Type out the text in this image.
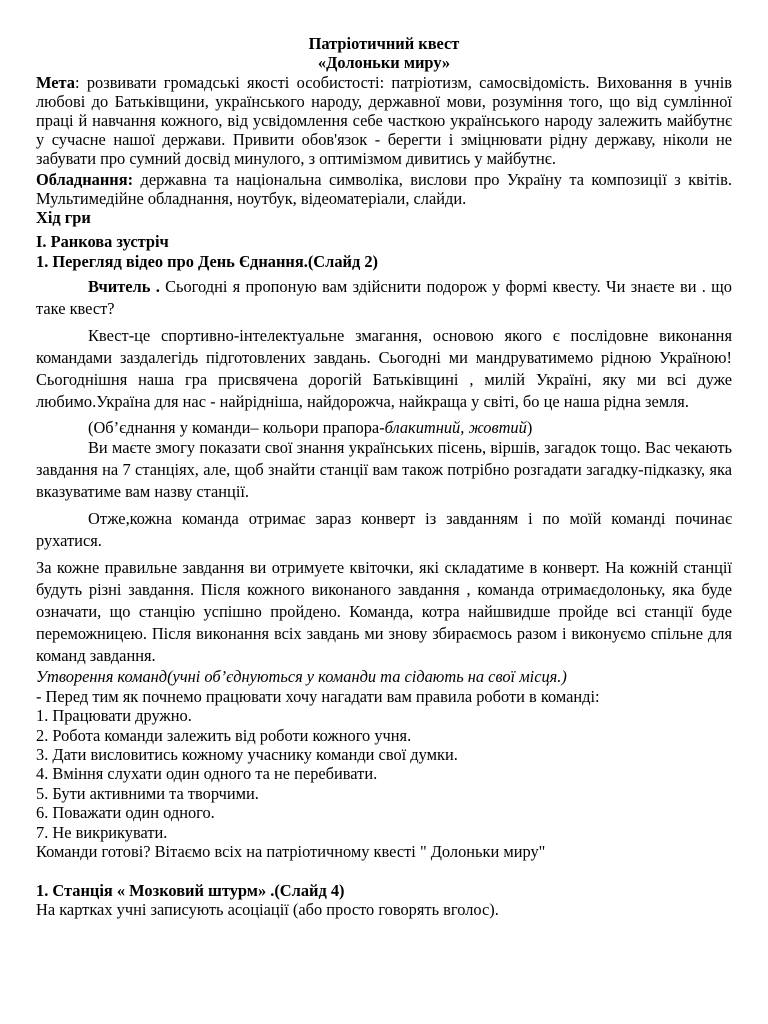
Патріотичний квест

«Долоньки миру»

Мета: розвивати громадські якості особистості: патріотизм, самосвідомість. Виховання в учнів любові до Батьківщини, українського народу, державної мови, розуміння того, що від сумлінної праці й навчання кожного, від усвідомлення себе часткою українського народу залежить майбутнє у сучасне нашої держави. Привити обов'язок - берегти і зміцнювати рідну державу, ніколи не забувати про сумний досвід минулого, з оптимізмом дивитись у майбутнє.

Обладнання: державна та національна символіка, вислови про Україну та композиції з квітів. Мультимедійне обладнання, ноутбук, відеоматеріали, слайди.

Хід гри

І. Ранкова зустріч

1. Перегляд відео про День Єднання.(Слайд 2)

Вчитель . Сьогодні я пропоную вам здійснити подорож у формі квесту. Чи знаєте ви . що таке квест?

Квест-це спортивно-інтелектуальне змагання, основою якого є послідовне виконання командами заздалегідь підготовлених завдань. Сьогодні ми мандруватимемо рідною Україною! Сьогоднішня наша гра присвячена дорогій Батьківщині , милій Україні, яку ми всі дуже любимо.Україна для нас - найрідніша, найдорожча, найкраща у світі, бо це наша рідна земля.

(Об’єднання у команди– кольори прапора-блакитний, жовтий)

Ви маєте змогу показати свої знання українських пісень, віршів, загадок тощо. Вас чекають завдання на 7 станціях, але, щоб знайти станції вам також потрібно розгадати загадку-підказку, яка вказуватиме вам назву станції.

Отже,кожна команда отримає зараз конверт із завданням і по моїй команді починає рухатися.

За кожне правильне завдання ви отримуете квіточки, які складатиме в конверт. На кожній станції будуть різні завдання. Після кожного виконаного завдання , команда отримаєдолоньку, яка буде означати, що станцію успішно пройдено. Команда, котра найшвидше пройде всі станції буде переможницею. Після виконання всіх завдань ми знову збираємось разом і виконуємо спільне для команд завдання.

Утворення команд(учні об’єднуються у команди та сідають на свої місця.)

- Перед тим як почнемо працювати хочу нагадати вам правила роботи в команді:

1. Працювати дружно.

2. Робота команди залежить від роботи кожного учня.

3. Дати висловитись кожному учаснику команди свої думки.

4. Вміння слухати один одного та не перебивати.

5. Бути активними та творчими.

6. Поважати один одного.

7. Не викрикувати.

Команди готові? Вітаємо всіх на патріотичному квесті " Долоньки миру"

1. Станція « Мозковий штурм» .(Слайд 4)

На картках учні записують асоціації (або просто говорять вголос).
